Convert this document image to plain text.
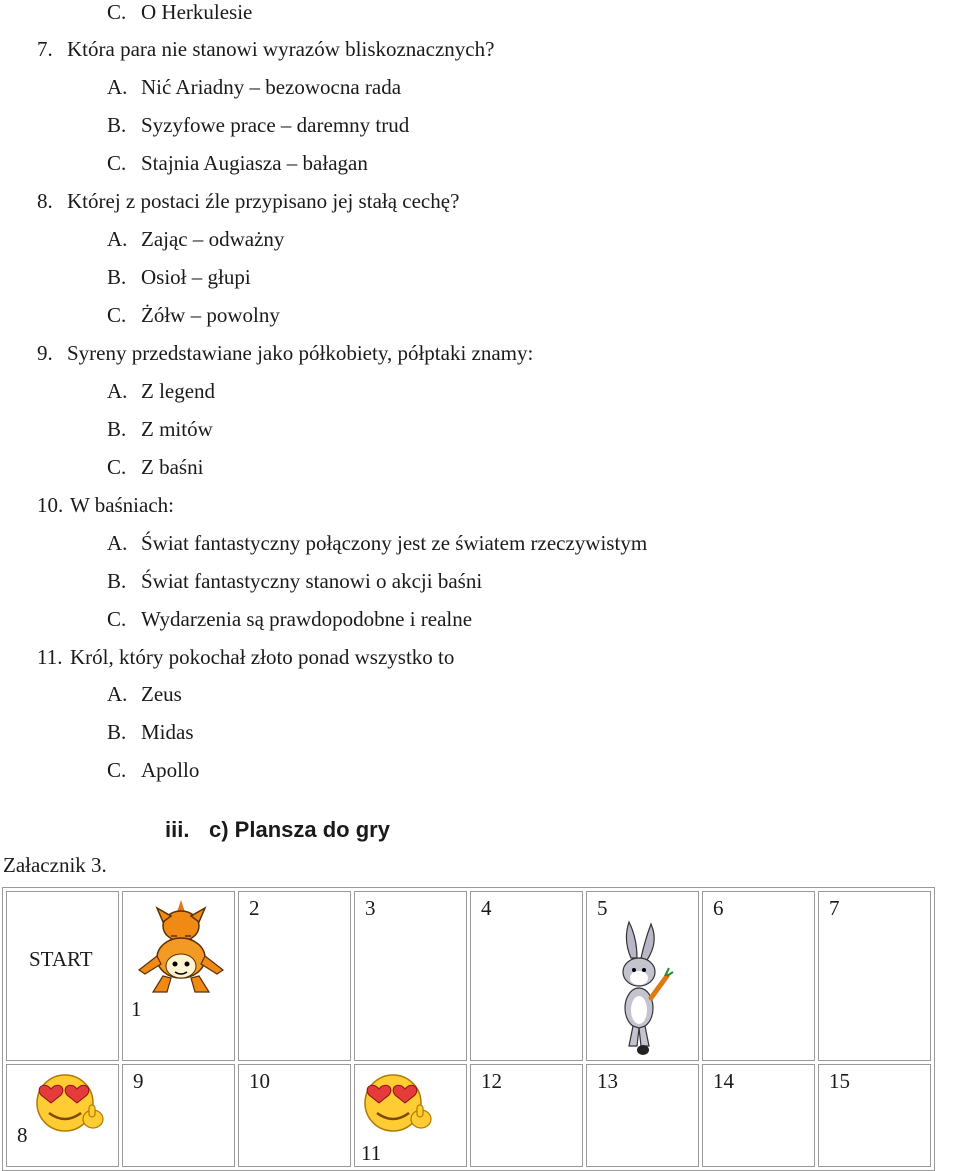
C. O Herkulesie
7. Która para nie stanowi wyrazów bliskoznacznych?
A. Nić Ariadny – bezowocna rada
B. Syzyfowe prace – daremny trud
C. Stajnia Augiasza – bałagan
8. Której z postaci źle przypisano jej stałą cechę?
A. Zając – odważny
B. Osioł – głupi
C. Żółw – powolny
9. Syreny przedstawiane jako półkobiety, półptaki znamy:
A. Z legend
B. Z mitów
C. Z baśni
10. W baśniach:
A. Świat fantastyczny połączony jest ze światem rzeczywistym
B. Świat fantastyczny stanowi o akcji baśni
C. Wydarzenia są prawdopodobne i realne
11. Król, który pokochał złoto ponad wszystko to
A. Zeus
B. Midas
C. Apollo
iii. c) Plansza do gry
Załacznik 3.
START	1	2	3	4	5	6	7

8	9	10	11	12	13	14	15
